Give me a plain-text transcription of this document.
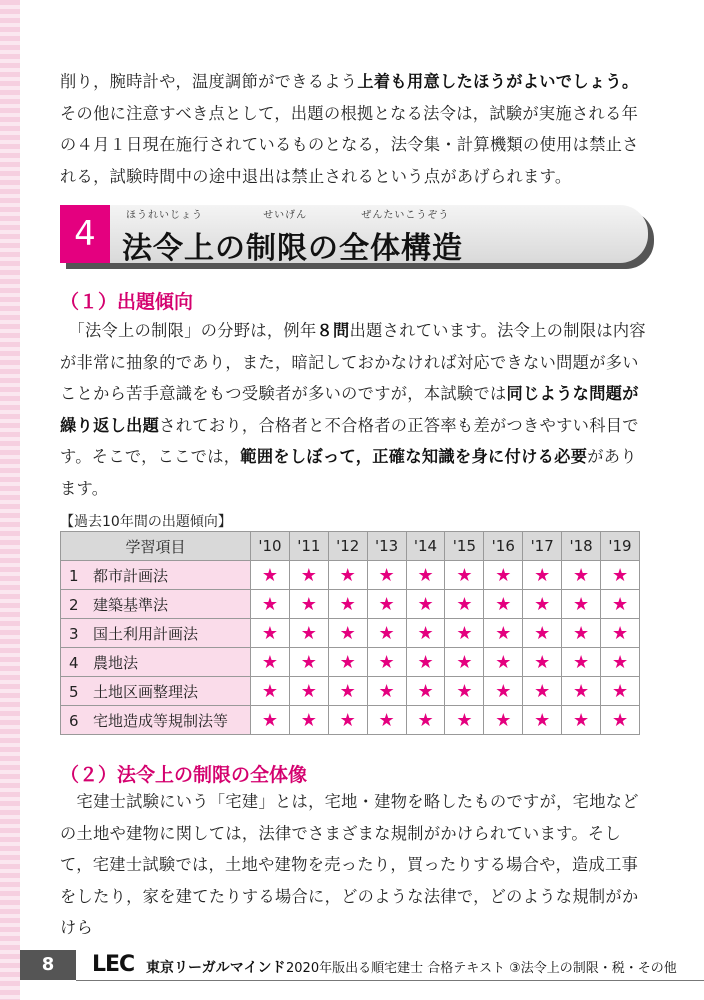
削り，腕時計や，温度調節ができるよう上着も用意したほうがよいでしょう。
その他に注意すべき点として，出題の根拠となる法令は，試験が実施される年
の４月１日現在施行されているものとなる，法令集・計算機類の使用は禁止さ
れる，試験時間中の途中退出は禁止されるという点があげられます。

4	ほうれいじょう	せいげん	ぜんたいこうぞう
法令上の制限の全体構造
（１）出題傾向

　「法令上の制限」の分野は，例年８問出題されています。法令上の制限は内容が非常に抽象的であり，また，暗記しておかなければ対応できない問題が多いことから苦手意識をもつ受験者が多いのですが，本試験では同じような問題が繰り返し出題されており，合格者と不合格者の正答率も差がつきやすい科目です。そこで，ここでは，範囲をしぼって，正確な知識を身に付ける必要があります。

【過去10年間の出題傾向】
学習項目	'10	'11	'12	'13	'14	'15	'16	'17	'18	'19
1 都市計画法	★	★	★	★	★	★	★	★	★	★
2 建築基準法	★	★	★	★	★	★	★	★	★	★
3 国土利用計画法	★	★	★	★	★	★	★	★	★	★
4 農地法	★	★	★	★	★	★	★	★	★	★
5 土地区画整理法	★	★	★	★	★	★	★	★	★	★
6 宅地造成等規制法等	★	★	★	★	★	★	★	★	★	★
（２）法令上の制限の全体像

　宅建士試験にいう「宅建」とは，宅地・建物を略したものですが，宅地などの土地や建物に関しては，法律でさまざまな規制がかけられています。そして，宅建士試験では，土地や建物を売ったり，買ったりする場合や，造成工事をしたり，家を建てたりする場合に，どのような法律で，どのような規制がかけら

8	LEC 東京リーガルマインド 2020年版出る順宅建士 合格テキスト ③法令上の制限・税・その他
